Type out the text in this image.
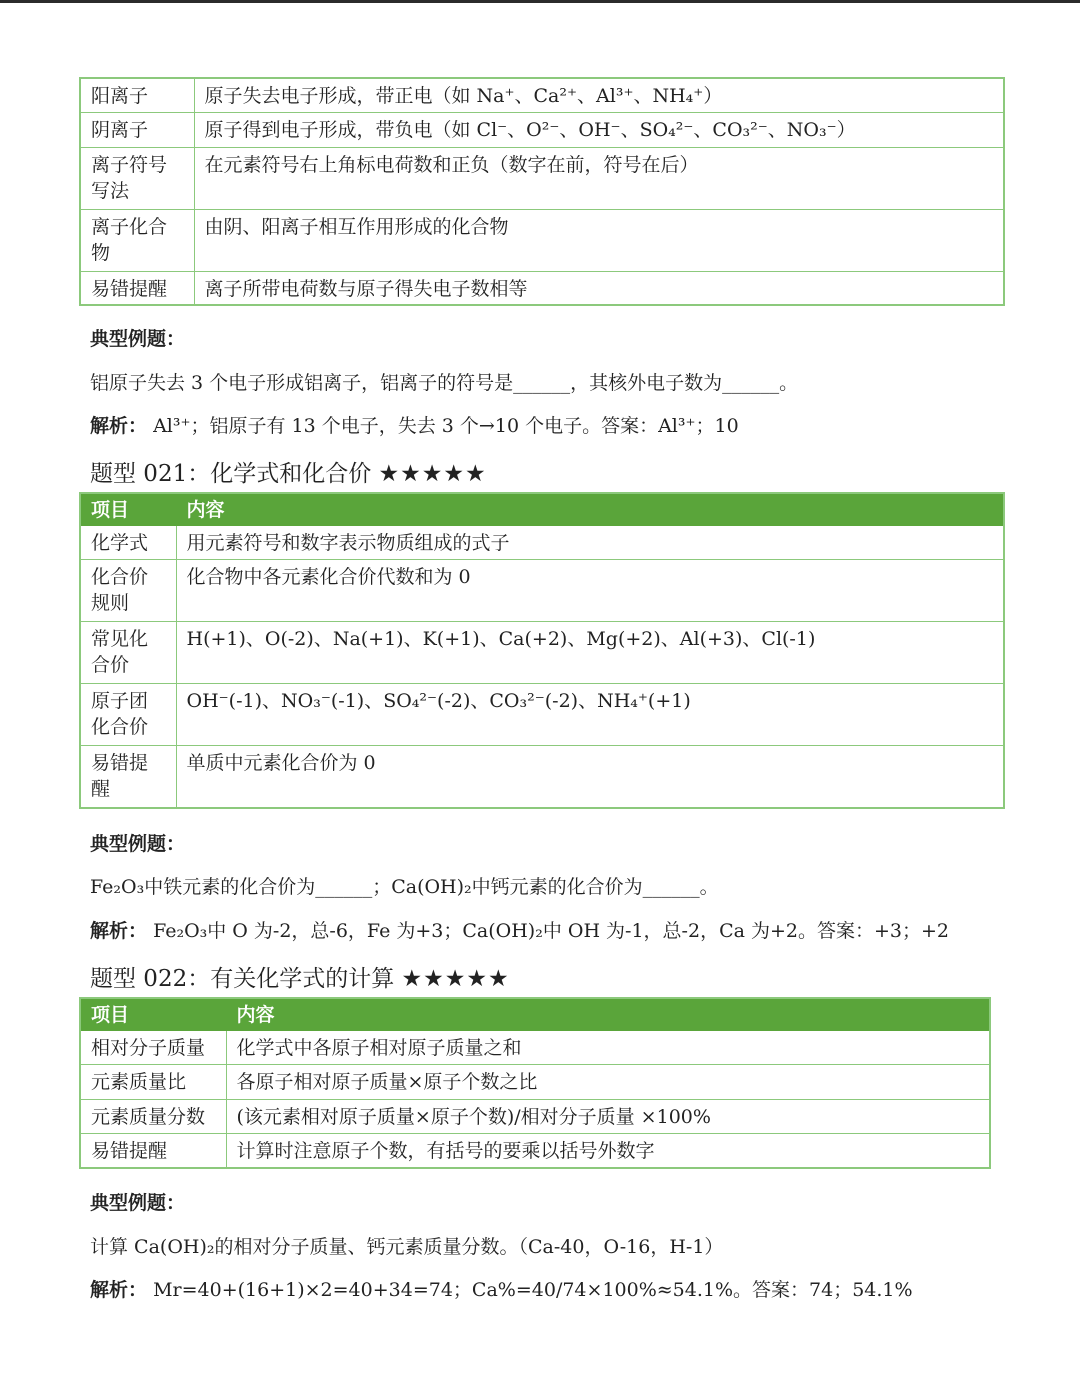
阳离子	原子失去电子形成，带正电（如 Na⁺、Ca²⁺、Al³⁺、NH₄⁺）
阴离子	原子得到电子形成，带负电（如 Cl⁻、O²⁻、OH⁻、SO₄²⁻、CO₃²⁻、NO₃⁻）
离子符号写法	在元素符号右上角标电荷数和正负（数字在前，符号在后）
离子化合物	由阴、阳离子相互作用形成的化合物
易错提醒	离子所带电荷数与原子得失电子数相等
典型例题：
铝原子失去 3 个电子形成铝离子，铝离子的符号是______，其核外电子数为______。
解析： Al³⁺；铝原子有 13 个电子，失去 3 个→10 个电子。答案：Al³⁺；10
题型 021：化学式和化合价 ★★★★★
项目	内容
化学式	用元素符号和数字表示物质组成的式子
化合价规则	化合物中各元素化合价代数和为 0
常见化合价	H(+1)、O(-2)、Na(+1)、K(+1)、Ca(+2)、Mg(+2)、Al(+3)、Cl(-1)
原子团化合价	OH⁻(-1)、NO₃⁻(-1)、SO₄²⁻(-2)、CO₃²⁻(-2)、NH₄⁺(+1)
易错提醒	单质中元素化合价为 0
典型例题：
Fe₂O₃中铁元素的化合价为______；Ca(OH)₂中钙元素的化合价为______。
解析： Fe₂O₃中 O 为-2，总-6，Fe 为+3；Ca(OH)₂中 OH 为-1，总-2，Ca 为+2。答案：+3；+2
题型 022：有关化学式的计算 ★★★★★
项目	内容
相对分子质量	化学式中各原子相对原子质量之和
元素质量比	各原子相对原子质量×原子个数之比
元素质量分数	(该元素相对原子质量×原子个数)/相对分子质量 ×100%
易错提醒	计算时注意原子个数，有括号的要乘以括号外数字
典型例题：
计算 Ca(OH)₂的相对分子质量、钙元素质量分数。（Ca-40，O-16，H-1）
解析： Mr=40+(16+1)×2=40+34=74；Ca%=40/74×100%≈54.1%。答案：74；54.1%
